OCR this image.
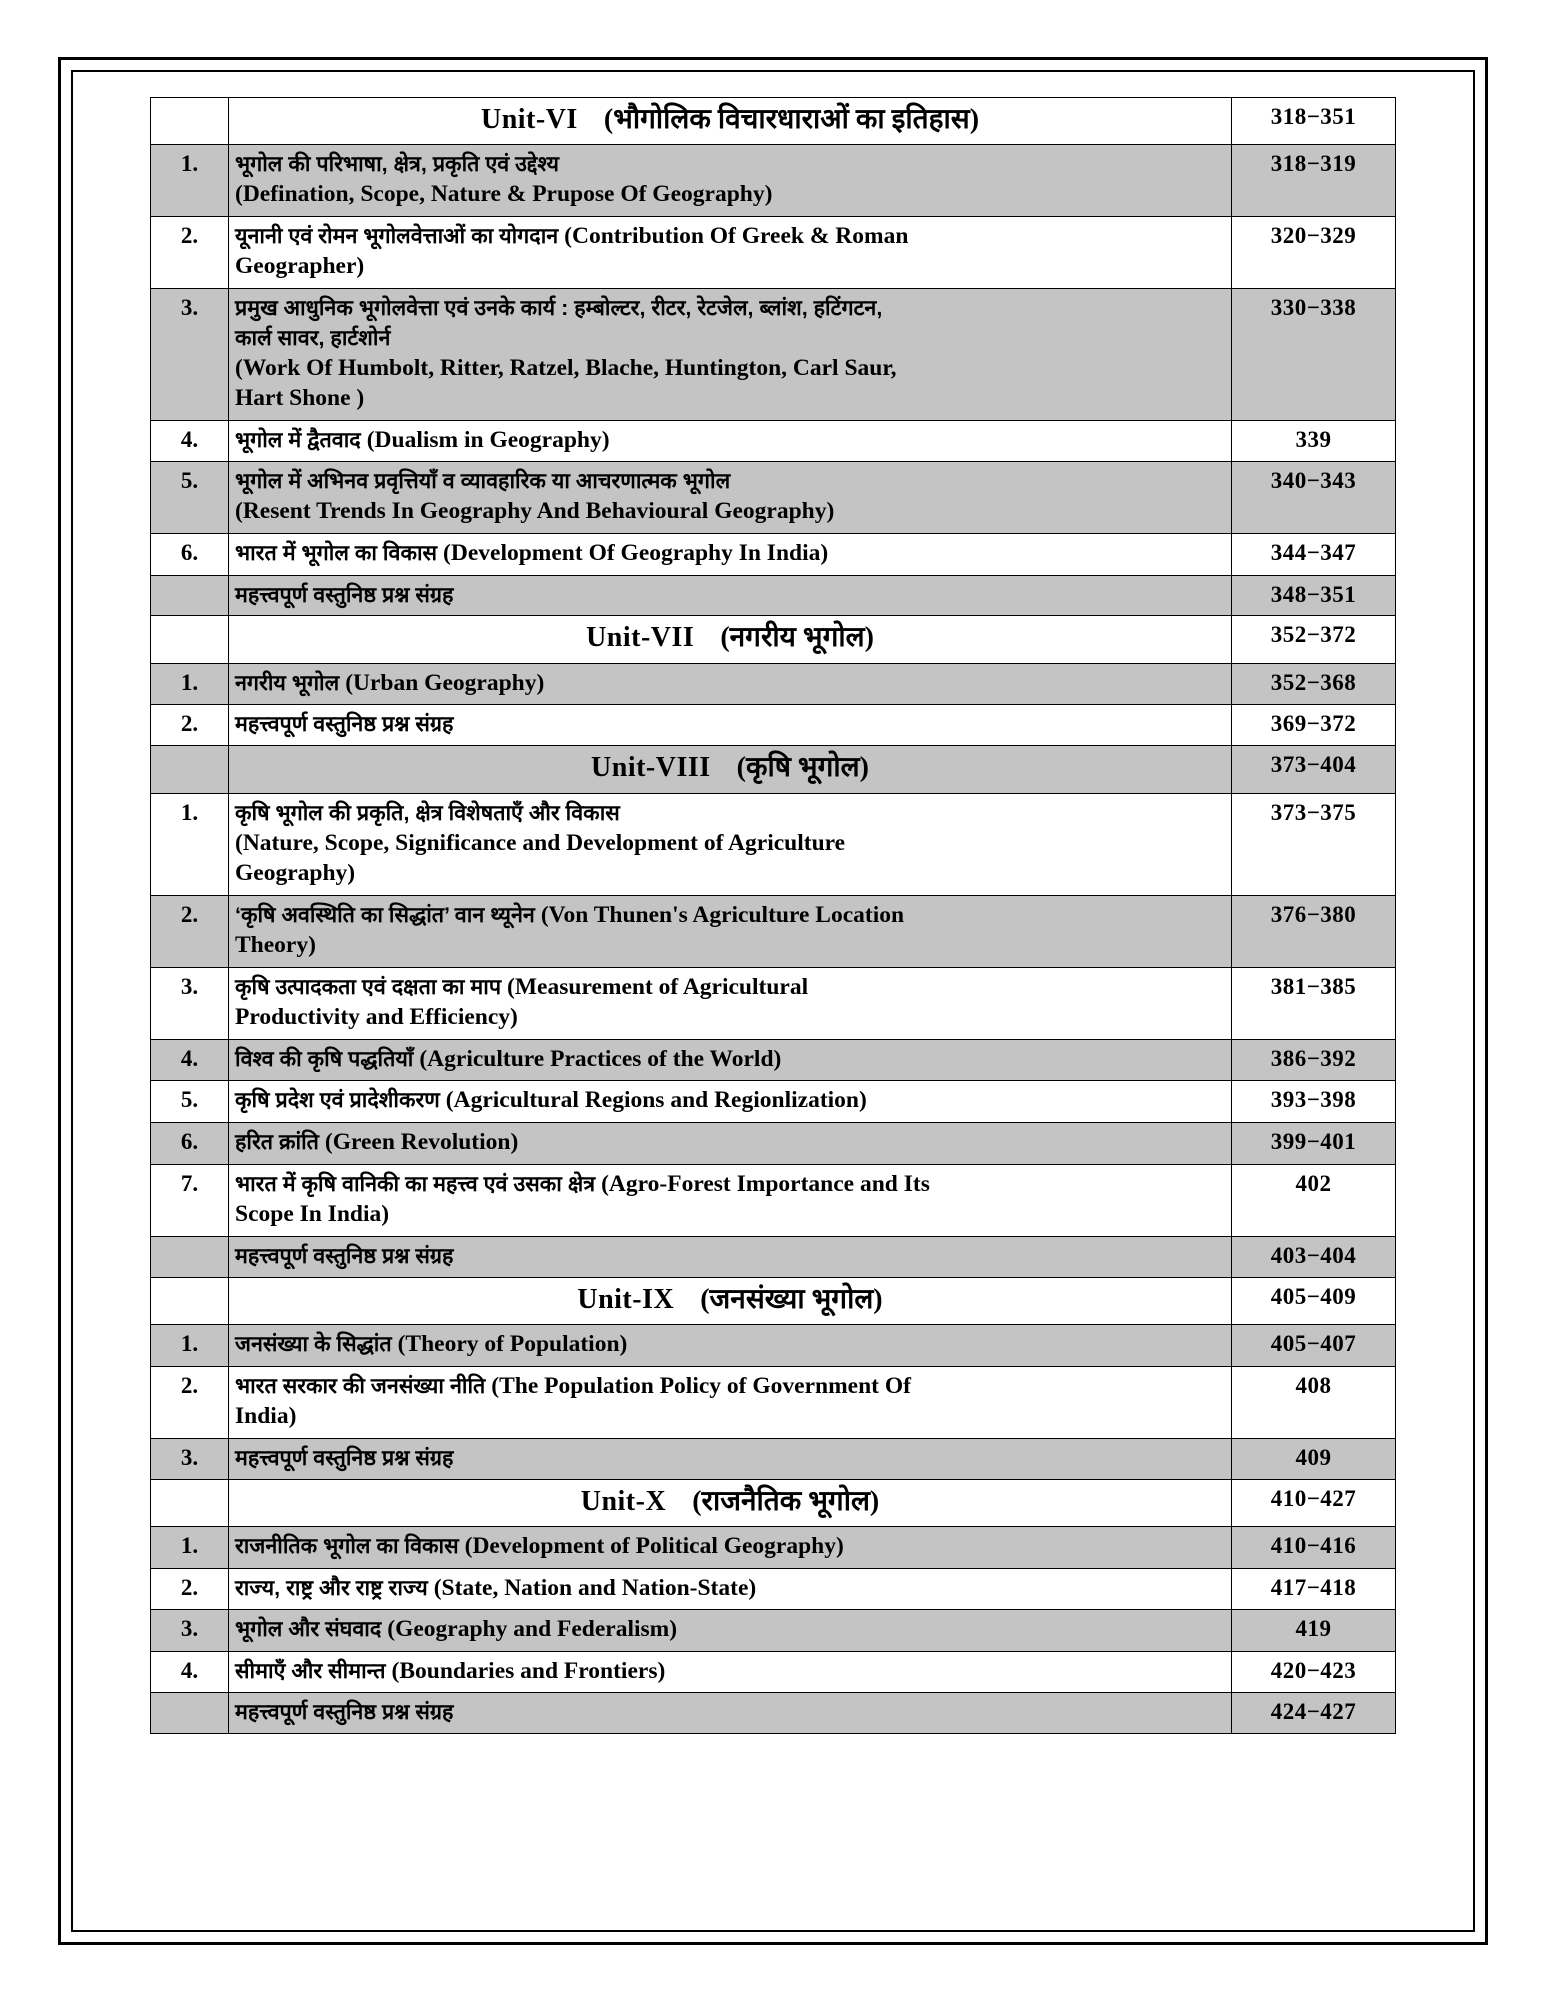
	Unit-VI (भौगोलिक विचारधाराओं का इतिहास)	318−351
1.	भूगोल की परिभाषा, क्षेत्र, प्रकृति एवं उद्देश्य
(Defination, Scope, Nature & Prupose Of Geography)	318−319
2.	यूनानी एवं रोमन भूगोलवेत्ताओं का योगदान (Contribution Of Greek & Roman
Geographer)	320−329
3.	प्रमुख आधुनिक भूगोलवेत्ता एवं उनके कार्य : हम्बोल्टर, रीटर, रेटजेल, ब्लांश, हटिंगटन,
कार्ल सावर, हार्टशोर्न
(Work Of Humbolt, Ritter, Ratzel, Blache, Huntington, Carl Saur,
Hart Shone )	330−338
4.	भूगोल में द्वैतवाद (Dualism in Geography)	339
5.	भूगोल में अभिनव प्रवृत्तियाँ व व्यावहारिक या आचरणात्मक भूगोल
(Resent Trends In Geography And Behavioural Geography)	340−343
6.	भारत में भूगोल का विकास (Development Of Geography In India)	344−347

	महत्त्वपूर्ण वस्तुनिष्ठ प्रश्न संग्रह	348−351
	Unit-VII (नगरीय भूगोल)	352−372
1.	नगरीय भूगोल (Urban Geography)	352−368
2.	महत्त्वपूर्ण वस्तुनिष्ठ प्रश्न संग्रह	369−372
	Unit-VIII (कृषि भूगोल)	373−404
1.	कृषि भूगोल की प्रकृति, क्षेत्र विशेषताएँ और विकास
(Nature, Scope, Significance and Development of Agriculture
Geography)	373−375
2.	‘कृषि अवस्थिति का सिद्धांत’ वान थ्यूनेन (Von Thunen's Agriculture Location
Theory)	376−380
3.	कृषि उत्पादकता एवं दक्षता का माप (Measurement of Agricultural
Productivity and Efficiency)	381−385
4.	विश्व की कृषि पद्धतियाँ (Agriculture Practices of the World)	386−392
5.	कृषि प्रदेश एवं प्रादेशीकरण (Agricultural Regions and Regionlization)	393−398
6.	हरित क्रांति (Green Revolution)	399−401
7.	भारत में कृषि वानिकी का महत्त्व एवं उसका क्षेत्र (Agro-Forest Importance and Its
Scope In India)	402

	महत्त्वपूर्ण वस्तुनिष्ठ प्रश्न संग्रह	403−404
	Unit-IX (जनसंख्या भूगोल)	405−409
1.	जनसंख्या के सिद्धांत (Theory of Population)	405−407
2.	भारत सरकार की जनसंख्या नीति (The Population Policy of Government Of
India)	408
3.	महत्त्वपूर्ण वस्तुनिष्ठ प्रश्न संग्रह	409
	Unit-X (राजनैतिक भूगोल)	410−427
1.	राजनीतिक भूगोल का विकास (Development of Political Geography)	410−416
2.	राज्य, राष्ट्र और राष्ट्र राज्य (State, Nation and Nation-State)	417−418
3.	भूगोल और संघवाद (Geography and Federalism)	419
4.	सीमाएँ और सीमान्त (Boundaries and Frontiers)	420−423

	महत्त्वपूर्ण वस्तुनिष्ठ प्रश्न संग्रह	424−427
